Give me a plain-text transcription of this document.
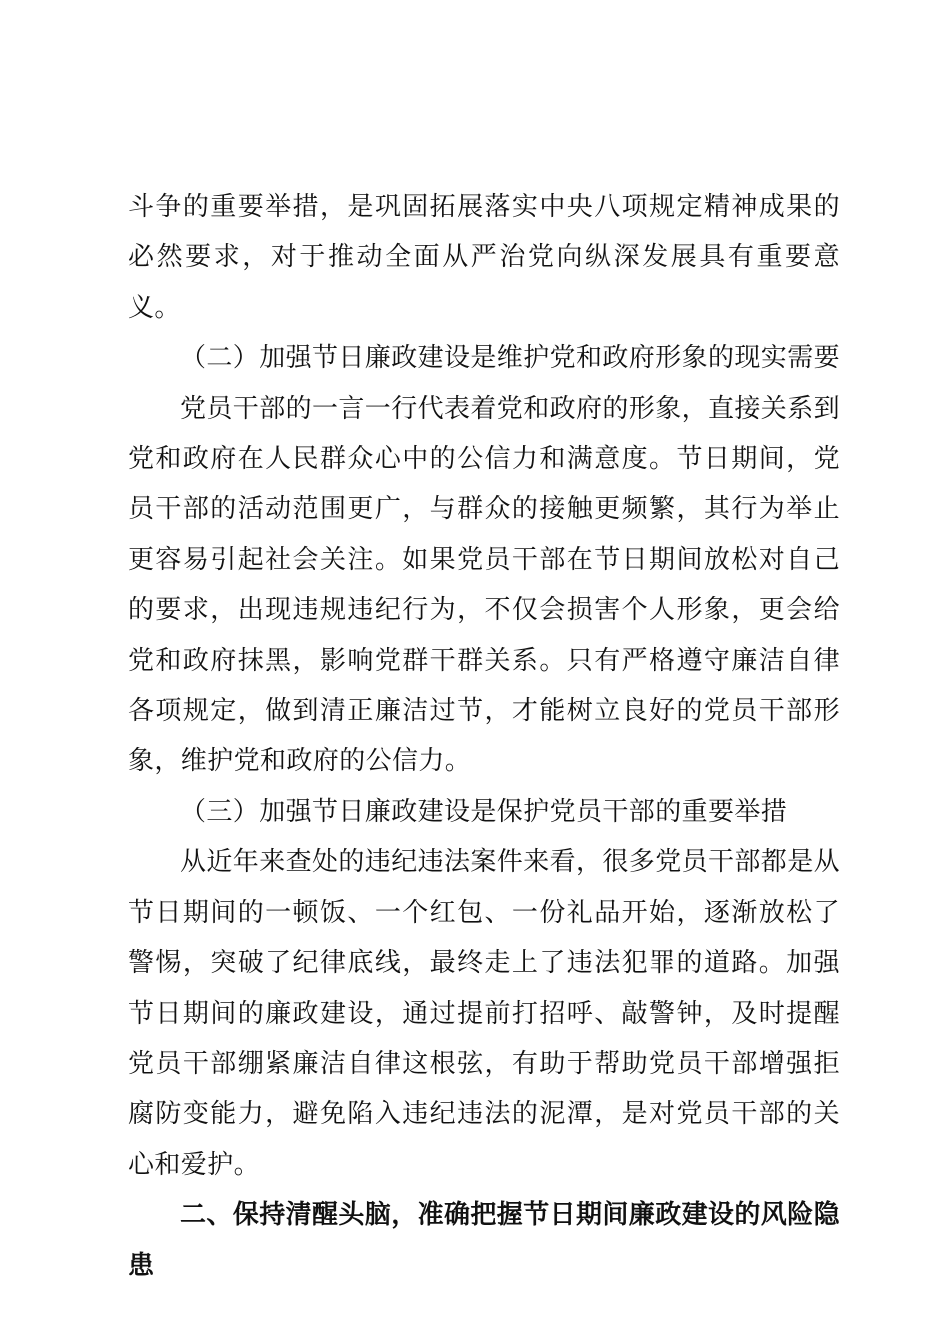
斗争的重要举措，是巩固拓展落实中央八项规定精神成果的必然要求，对于推动全面从严治党向纵深发展具有重要意义。

（二）加强节日廉政建设是维护党和政府形象的现实需要

党员干部的一言一行代表着党和政府的形象，直接关系到党和政府在人民群众心中的公信力和满意度。节日期间，党员干部的活动范围更广，与群众的接触更频繁，其行为举止更容易引起社会关注。如果党员干部在节日期间放松对自己的要求，出现违规违纪行为，不仅会损害个人形象，更会给党和政府抹黑，影响党群干群关系。只有严格遵守廉洁自律各项规定，做到清正廉洁过节，才能树立良好的党员干部形象，维护党和政府的公信力。

（三）加强节日廉政建设是保护党员干部的重要举措

从近年来查处的违纪违法案件来看，很多党员干部都是从节日期间的一顿饭、一个红包、一份礼品开始，逐渐放松了警惕，突破了纪律底线，最终走上了违法犯罪的道路。加强节日期间的廉政建设，通过提前打招呼、敲警钟，及时提醒党员干部绷紧廉洁自律这根弦，有助于帮助党员干部增强拒腐防变能力，避免陷入违纪违法的泥潭，是对党员干部的关心和爱护。

二、保持清醒头脑，准确把握节日期间廉政建设的风险隐患
